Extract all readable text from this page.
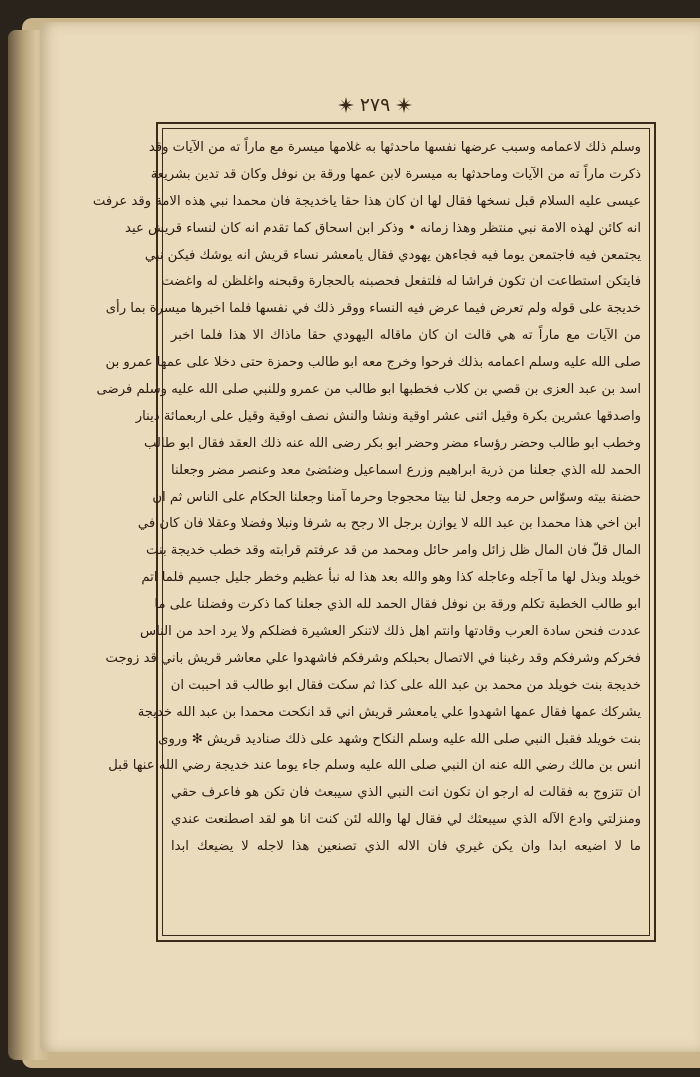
٢٧٩
وسلم ذلك لاعمامه وسبب عرضها نفسها ماحدثها به غلامها ميسرة مع ماراً ته من الآيات وقد
ذكرت ماراً ته من الآيات وماحدثها به ميسرة لابن عمها ورقة بن نوفل وكان قد تدين بشريعة
عيسى عليه السلام قبل نسخها فقال لها ان كان هذا حقا ياخديجة فان محمدا نبي هذه الامة وقد عرفت
انه كائن لهذه الامة نبي منتظر وهذا زمانه • وذكر ابن اسحاق كما تقدم انه كان لنساء قريش عيد
يجتمعن فيه فاجتمعن يوما فيه فجاءهن يهودي فقال يامعشر نساء قريش انه يوشك فيكن نبي
فايتكن استطاعت ان تكون فراشا له فلتفعل فحصبنه بالحجارة وقبحنه واغلظن له واغضت
خديجة على قوله ولم تعرض فيما عرض فيه النساء ووقر ذلك في نفسها فلما اخبرها ميسرة بما رأى
من الآيات مع ماراً ته هي قالت ان كان ماقاله اليهودي حقا ماذاك الا هذا فلما اخبر
صلى الله عليه وسلم اعمامه بذلك فرحوا وخرج معه ابو طالب وحمزة حتى دخلا على عمها عمرو بن
اسد بن عبد العزى بن قصي بن كلاب فخطبها ابو طالب من عمرو وللنبي صلى الله عليه وسلم فرضى
واصدقها عشرين بكرة وقيل اثنى عشر اوقية ونشا والنش نصف اوقية وقيل على اربعمائة دينار
وخطب ابو طالب وحضر رؤساء مضر وحضر ابو بكر رضى الله عنه ذلك العقد فقال ابو طالب
الحمد لله الذي جعلنا من ذرية ابراهيم وزرع اسماعيل وضئضئ معد وعنصر مضر وجعلنا
حضنة بيته وسوّاس حرمه وجعل لنا بيتا محجوجا وحرما آمنا وجعلنا الحكام على الناس ثم ان
ابن اخي هذا محمدا بن عبد الله لا يوازن برجل الا رجح به شرفا ونبلا وفضلا وعقلا فان كان في
المال قلّ فان المال ظل زائل وامر حائل ومحمد من قد عرفتم قرابته وقد خطب خديجة بنت
خويلد وبذل لها ما آجله وعاجله كذا وهو والله بعد هذا له نبأ عظيم وخطر جليل جسيم فلما اتم
ابو طالب الخطبة تكلم ورقة بن نوفل فقال الحمد لله الذي جعلنا كما ذكرت وفضلنا على ما
عددت فنحن سادة العرب وقادتها وانتم اهل ذلك لاتنكر العشيرة فضلكم ولا يرد احد من الناس
فخركم وشرفكم وقد رغبنا في الاتصال بحبلكم وشرفكم فاشهدوا علي معاشر قريش باني قد زوجت
خديجة بنت خويلد من محمد بن عبد الله على كذا ثم سكت فقال ابو طالب قد احببت ان
يشركك عمها فقال عمها اشهدوا علي يامعشر قريش اني قد انكحت محمدا بن عبد الله خديجة
بنت خويلد فقبل النبي صلى الله عليه وسلم النكاح وشهد على ذلك صناديد قريش ✻ وروى
انس بن مالك رضي الله عنه ان النبي صلى الله عليه وسلم جاء يوما عند خديجة رضي الله عنها قبل
ان تتزوج به فقالت له ارجو ان تكون انت النبي الذي سيبعث فان تكن هو فاعرف حقي
ومنزلتي وادع الآله الذي سيبعثك لي فقال لها والله لئن كنت انا هو لقد اصطنعت عندي
ما لا اضيعه ابدا وان يكن غيري فان الاله الذي تصنعين هذا لاجله لا يضيعك ابدا
